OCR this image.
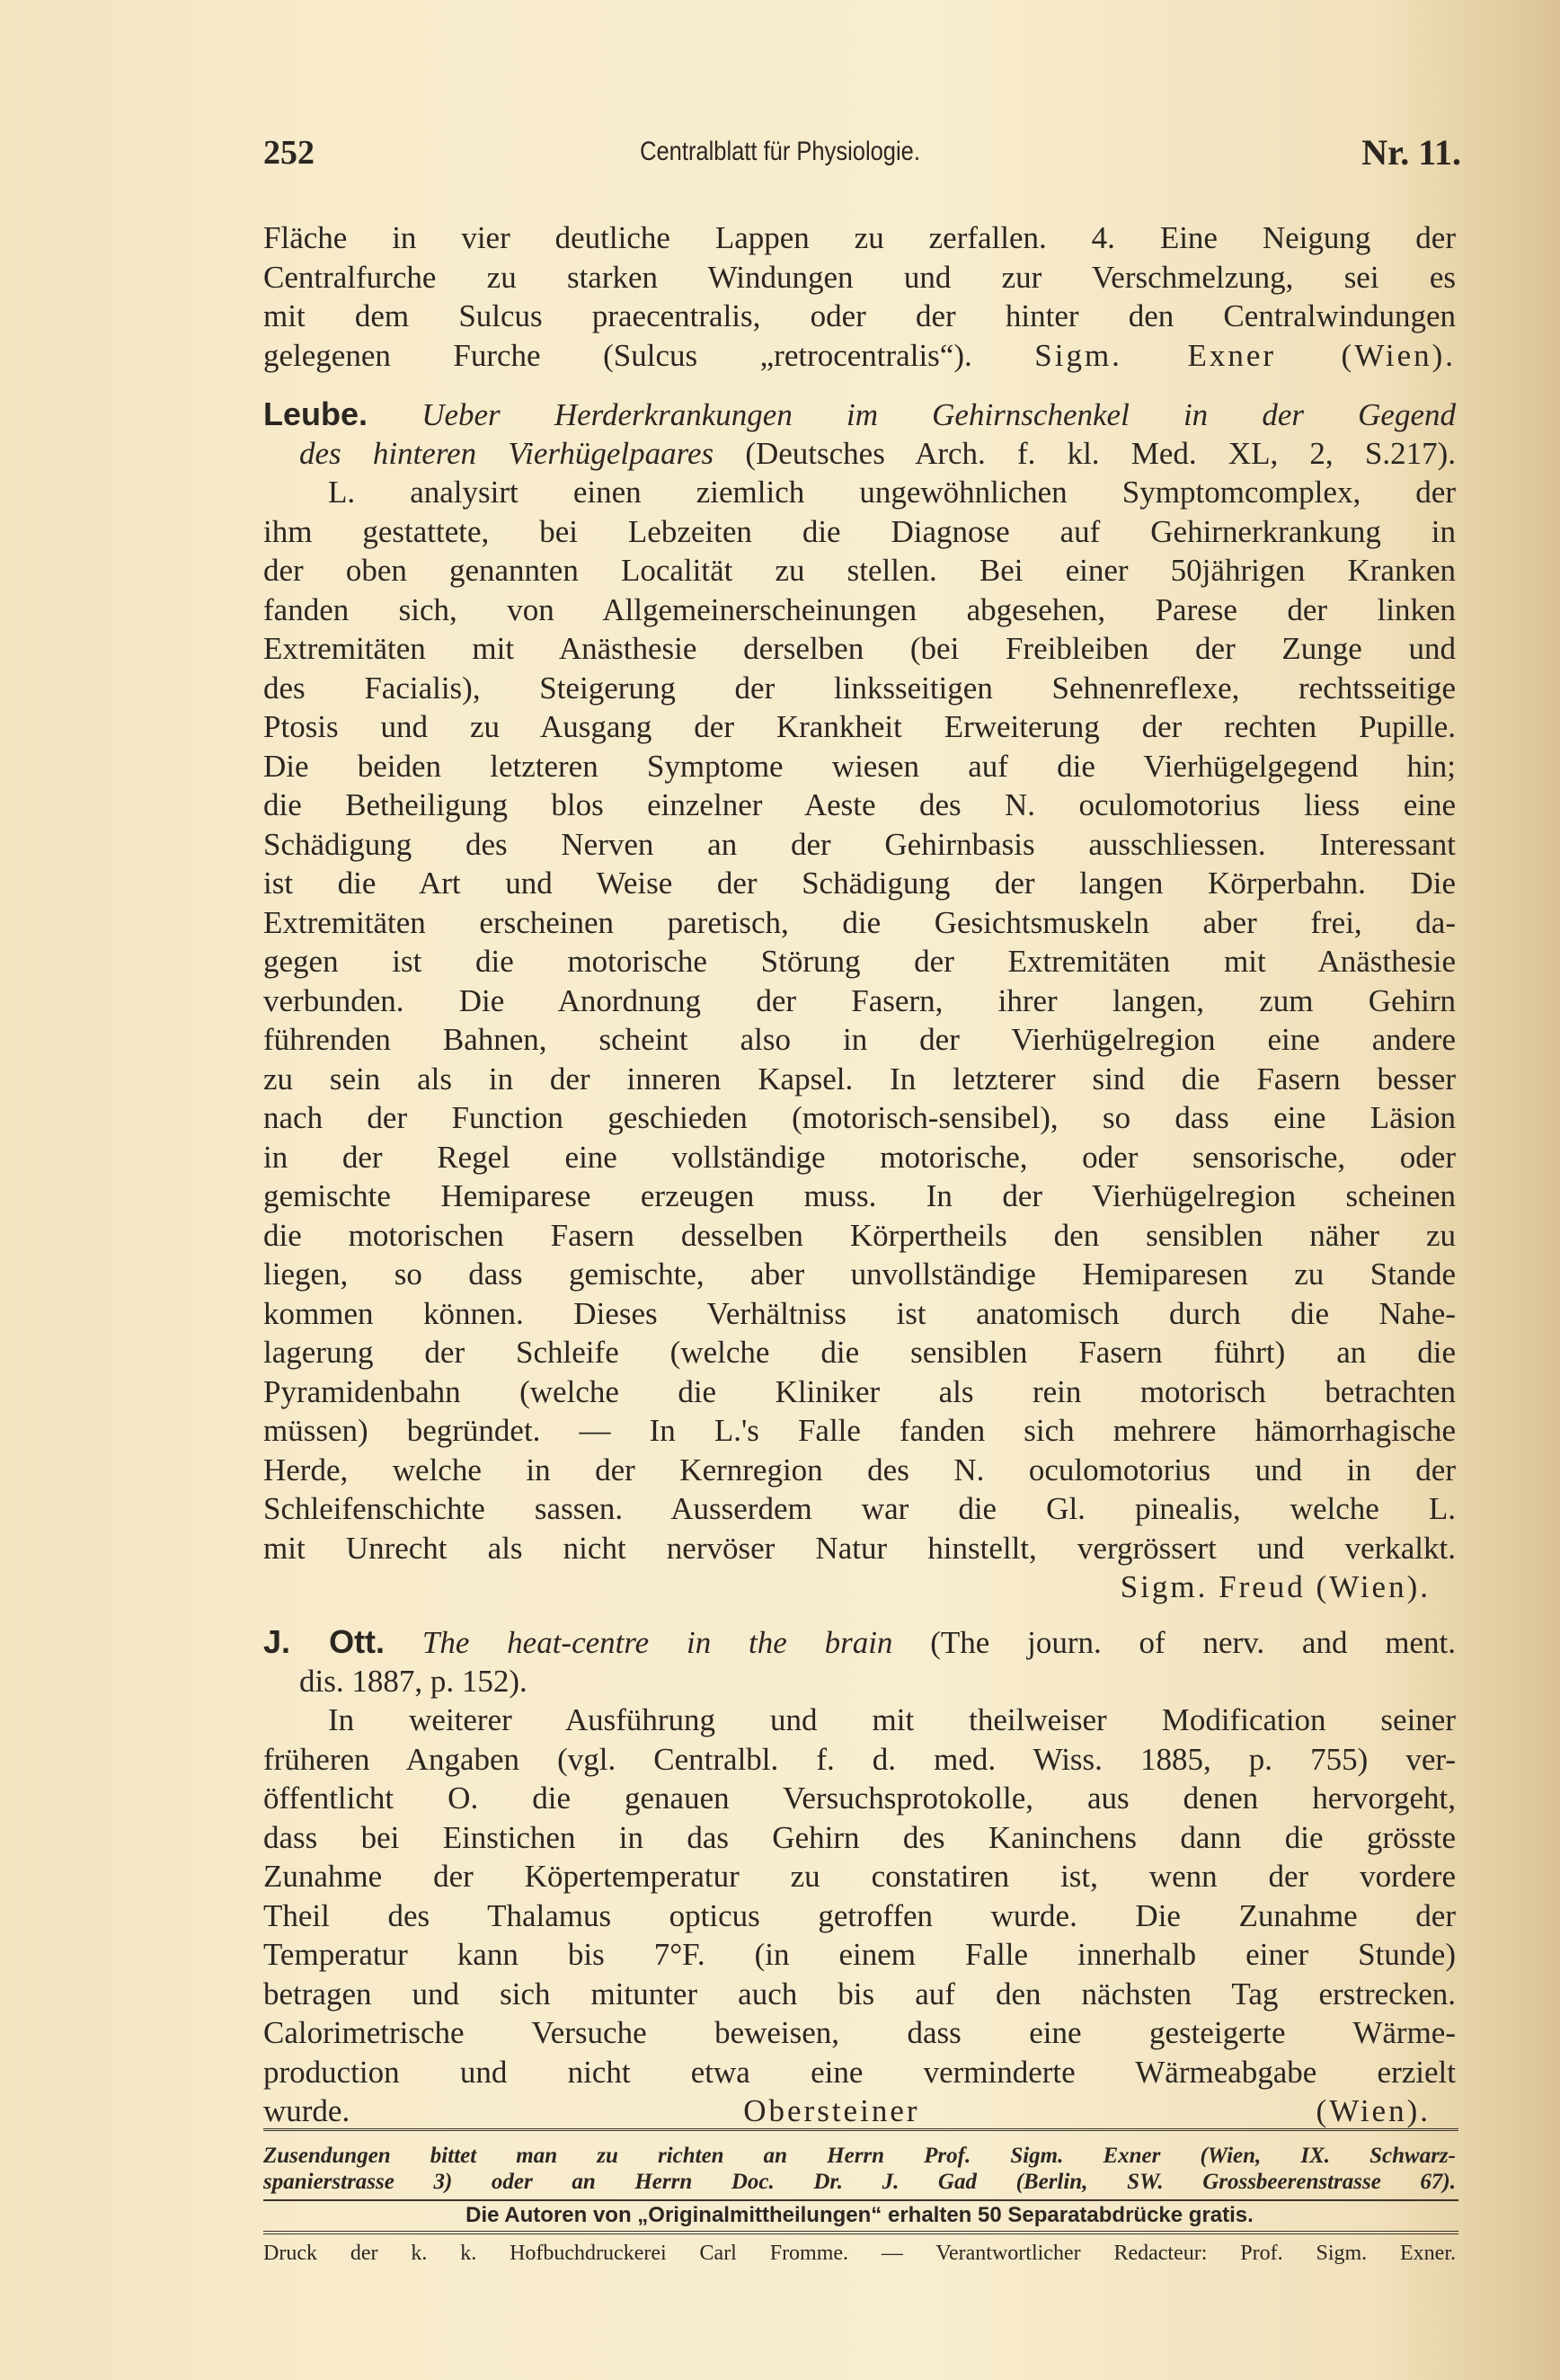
252	Centralblatt für Physiologie.	Nr. 11.
Fläche in vier deutliche Lappen zu zerfallen. 4. Eine Neigung der
Centralfurche zu starken Windungen und zur Verschmelzung, sei es
mit dem Sulcus praecentralis, oder der hinter den Centralwindungen
gelegenen Furche (Sulcus „retrocentralis“). Sigm. Exner (Wien).
Leube. Ueber Herderkrankungen im Gehirnschenkel in der Gegend
des hinteren Vierhügelpaares (Deutsches Arch. f. kl. Med. XL, 2, S.217).
L. analysirt einen ziemlich ungewöhnlichen Symptomcomplex, der
ihm gestattete, bei Lebzeiten die Diagnose auf Gehirnerkrankung in
der oben genannten Localität zu stellen. Bei einer 50jährigen Kranken
fanden sich, von Allgemeinerscheinungen abgesehen, Parese der linken
Extremitäten mit Anästhesie derselben (bei Freibleiben der Zunge und
des Facialis), Steigerung der linksseitigen Sehnenreflexe, rechtsseitige
Ptosis und zu Ausgang der Krankheit Erweiterung der rechten Pupille.
Die beiden letzteren Symptome wiesen auf die Vierhügelgegend hin;
die Betheiligung blos einzelner Aeste des N. oculomotorius liess eine
Schädigung des Nerven an der Gehirnbasis ausschliessen. Interessant
ist die Art und Weise der Schädigung der langen Körperbahn. Die
Extremitäten erscheinen paretisch, die Gesichtsmuskeln aber frei, da-
gegen ist die motorische Störung der Extremitäten mit Anästhesie
verbunden. Die Anordnung der Fasern, ihrer langen, zum Gehirn
führenden Bahnen, scheint also in der Vierhügelregion eine andere
zu sein als in der inneren Kapsel. In letzterer sind die Fasern besser
nach der Function geschieden (motorisch-sensibel), so dass eine Läsion
in der Regel eine vollständige motorische, oder sensorische, oder
gemischte Hemiparese erzeugen muss. In der Vierhügelregion scheinen
die motorischen Fasern desselben Körpertheils den sensiblen näher zu
liegen, so dass gemischte, aber unvollständige Hemiparesen zu Stande
kommen können. Dieses Verhältniss ist anatomisch durch die Nahe-
lagerung der Schleife (welche die sensiblen Fasern führt) an die
Pyramidenbahn (welche die Kliniker als rein motorisch betrachten
müssen) begründet. — In L.'s Falle fanden sich mehrere hämorrhagische
Herde, welche in der Kernregion des N. oculomotorius und in der
Schleifenschichte sassen. Ausserdem war die Gl. pinealis, welche L.
mit Unrecht als nicht nervöser Natur hinstellt, vergrössert und verkalkt.
Sigm. Freud (Wien).
J. Ott. The heat-centre in the brain (The journ. of nerv. and ment.
dis. 1887, p. 152).
In weiterer Ausführung und mit theilweiser Modification seiner
früheren Angaben (vgl. Centralbl. f. d. med. Wiss. 1885, p. 755) ver-
öffentlicht O. die genauen Versuchsprotokolle, aus denen hervorgeht,
dass bei Einstichen in das Gehirn des Kaninchens dann die grösste
Zunahme der Köpertemperatur zu constatiren ist, wenn der vordere
Theil des Thalamus opticus getroffen wurde. Die Zunahme der
Temperatur kann bis 7°F. (in einem Falle innerhalb einer Stunde)
betragen und sich mitunter auch bis auf den nächsten Tag erstrecken.
Calorimetrische Versuche beweisen, dass eine gesteigerte Wärme-
production und nicht etwa eine verminderte Wärmeabgabe erzielt
wurde.	Obersteiner (Wien).
Zusendungen bittet man zu richten an Herrn Prof. Sigm. Exner (Wien, IX. Schwarz-
spanierstrasse 3) oder an Herrn Doc. Dr. J. Gad (Berlin, SW. Grossbeerenstrasse 67).
Die Autoren von „Originalmittheilungen“ erhalten 50 Separatabdrücke gratis.
Druck der k. k. Hofbuchdruckerei Carl Fromme. — Verantwortlicher Redacteur: Prof. Sigm. Exner.
